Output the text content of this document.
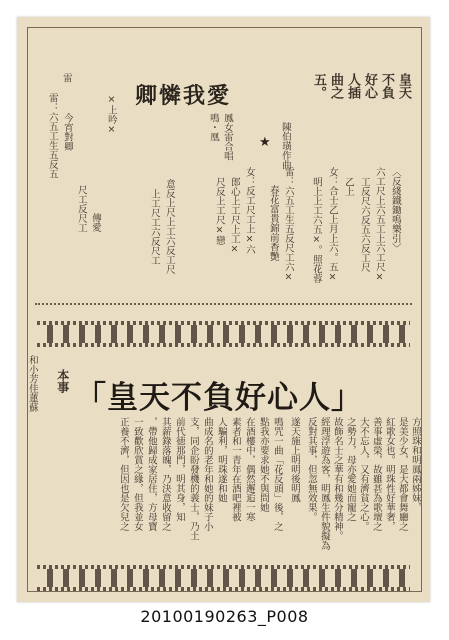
皇天
不負
好心
人插
曲之
五。
卿憐我愛
×上吟×	鳳女雷合唱
鳴・凰
★ 陳伯璜作曲
〈反綫鐵鋤鳴樂引〉
六工尺上六五工上六工尺×
工反尺六反五六反工尺
乙上
女：合士乙上月上六。五×
明上上工六五×。照花蓉
雷：六五工生五反尺工六×
春花富貴錦前香艷
女：反工尺工上×六
郎心上工尺上工×
尺反上工尺×戀
意反上尺上工六反工尺
上工尺工六反尺工
雷
雷：六五工生五反五 今宵對卿
尺工反尺工 傳愛
和小芳佳蓮蘇 本事 「皇天不負好心人」
方照珠和明鳳兩姊妹，
是美少女，是大都會舞廳之
紅歌女也。明珠性好華奢，
善事虛榮，故雖甚為歌壇之
大不忘人，又有濟貧之心。
之勢力，母亦愛她而寵之
故飾名士之華有和幾分精神。
經理浮遊為客，明鳳生件貌擬為
反對其事，但忽無效果。
遂天施上明明後明鳳
鳴咒一曲「花反頭」後，之
點我亦要求她不與問她
在酒樓中，偶然邂逅一寒
素者和一青年在酒吧裡被
人騙利，明珠遂和她
曲成名的老年和她的妹子小
支，同企盼發機的義士，乃土
前代徳那門，明其身，知
其薪錄落魄，乃決意收留之
，帶他歸成家居住，方母寶
一致歡欣賞之緣，但我並女
正養不濟，但因也是欠兒之
20100190263_P008
